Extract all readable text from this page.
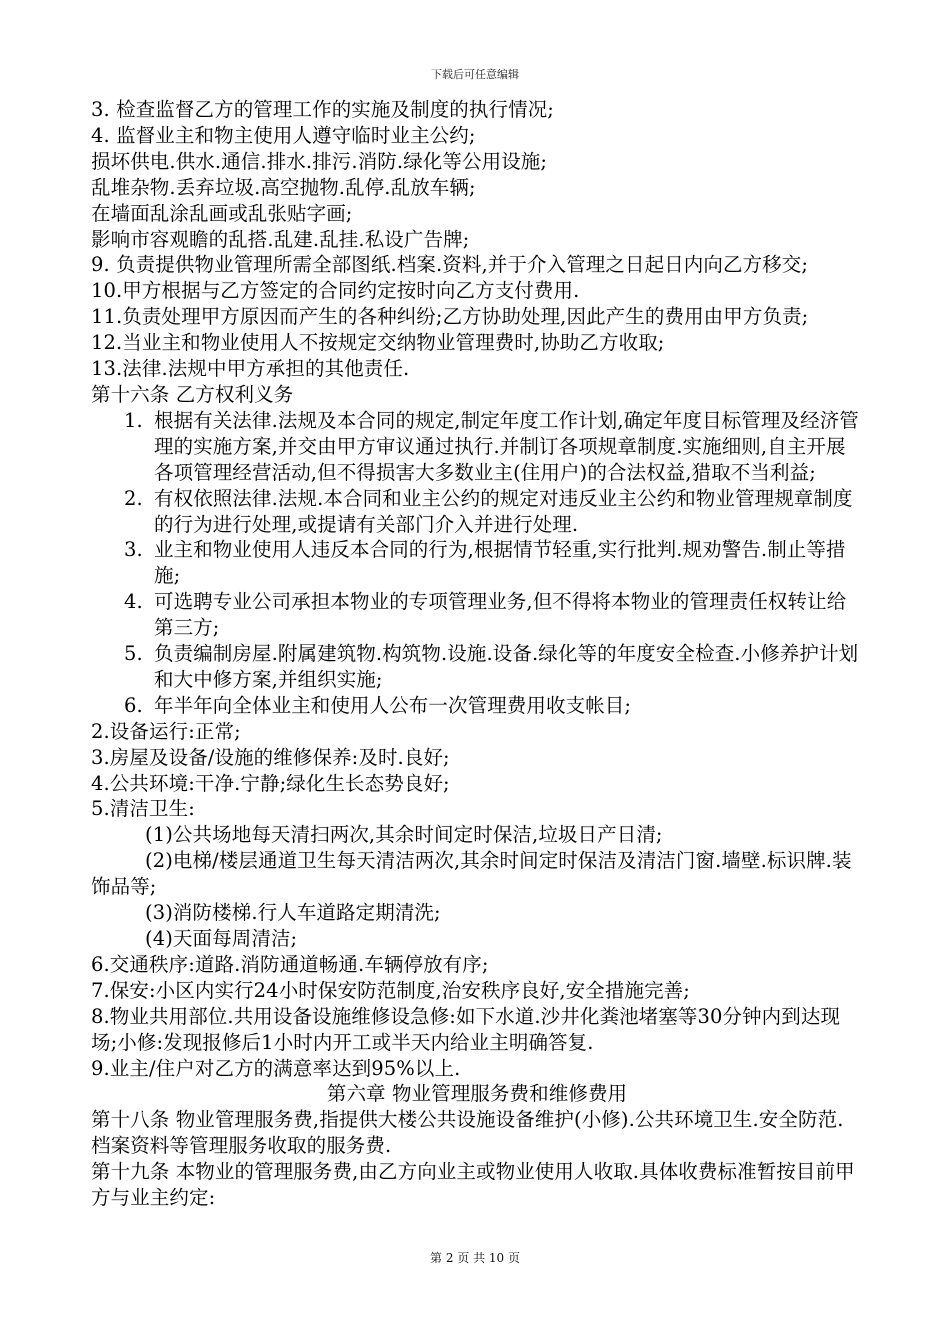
下载后可任意编辑

3. 检查监督乙方的管理工作的实施及制度的执行情况;

4. 监督业主和物主使用人遵守临时业主公约;

损坏供电.供水.通信.排水.排污.消防.绿化等公用设施;

乱堆杂物.丢弃垃圾.高空抛物.乱停.乱放车辆;

在墙面乱涂乱画或乱张贴字画;

影响市容观瞻的乱搭.乱建.乱挂.私设广告牌;

9. 负责提供物业管理所需全部图纸.档案.资料,并于介入管理之日起日内向乙方移交;

10.甲方根据与乙方签定的合同约定按时向乙方支付费用.

11.负责处理甲方原因而产生的各种纠纷;乙方协助处理,因此产生的费用由甲方负责;

12.当业主和物业使用人不按规定交纳物业管理费时,协助乙方收取;

13.法律.法规中甲方承担的其他责任.

第十六条 乙方权利义务

1. 根据有关法律.法规及本合同的规定,制定年度工作计划,确定年度目标管理及经济管理的实施方案,并交由甲方审议通过执行.并制订各项规章制度.实施细则,自主开展各项管理经营活动,但不得损害大多数业主(住用户)的合法权益,猎取不当利益;
2. 有权依照法律.法规.本合同和业主公约的规定对违反业主公约和物业管理规章制度的行为进行处理,或提请有关部门介入并进行处理.
3. 业主和物业使用人违反本合同的行为,根据情节轻重,实行批判.规劝警告.制止等措施;
4. 可选聘专业公司承担本物业的专项管理业务,但不得将本物业的管理责任权转让给第三方;
5. 负责编制房屋.附属建筑物.构筑物.设施.设备.绿化等的年度安全检查.小修养护计划和大中修方案,并组织实施;
6. 年半年向全体业主和使用人公布一次管理费用收支帐目;

2.设备运行:正常;

3.房屋及设备/设施的维修保养:及时.良好;

4.公共环境:干净.宁静;绿化生长态势良好;

5.清洁卫生:

(1)公共场地每天清扫两次,其余时间定时保洁,垃圾日产日清;

(2)电梯/楼层通道卫生每天清洁两次,其余时间定时保洁及清洁门窗.墙壁.标识牌.装饰品等;

(3)消防楼梯.行人车道路定期清洗;

(4)天面每周清洁;

6.交通秩序:道路.消防通道畅通.车辆停放有序;

7.保安:小区内实行24小时保安防范制度,治安秩序良好,安全措施完善;

8.物业共用部位.共用设备设施维修设急修:如下水道.沙井化粪池堵塞等30分钟内到达现场;小修:发现报修后1小时内开工或半天内给业主明确答复.

9.业主/住户对乙方的满意率达到95%以上.

第六章 物业管理服务费和维修费用

第十八条 物业管理服务费,指提供大楼公共设施设备维护(小修).公共环境卫生.安全防范.档案资料等管理服务收取的服务费.

第十九条 本物业的管理服务费,由乙方向业主或物业使用人收取.具体收费标准暂按目前甲方与业主约定:

第 2 页 共 10 页
